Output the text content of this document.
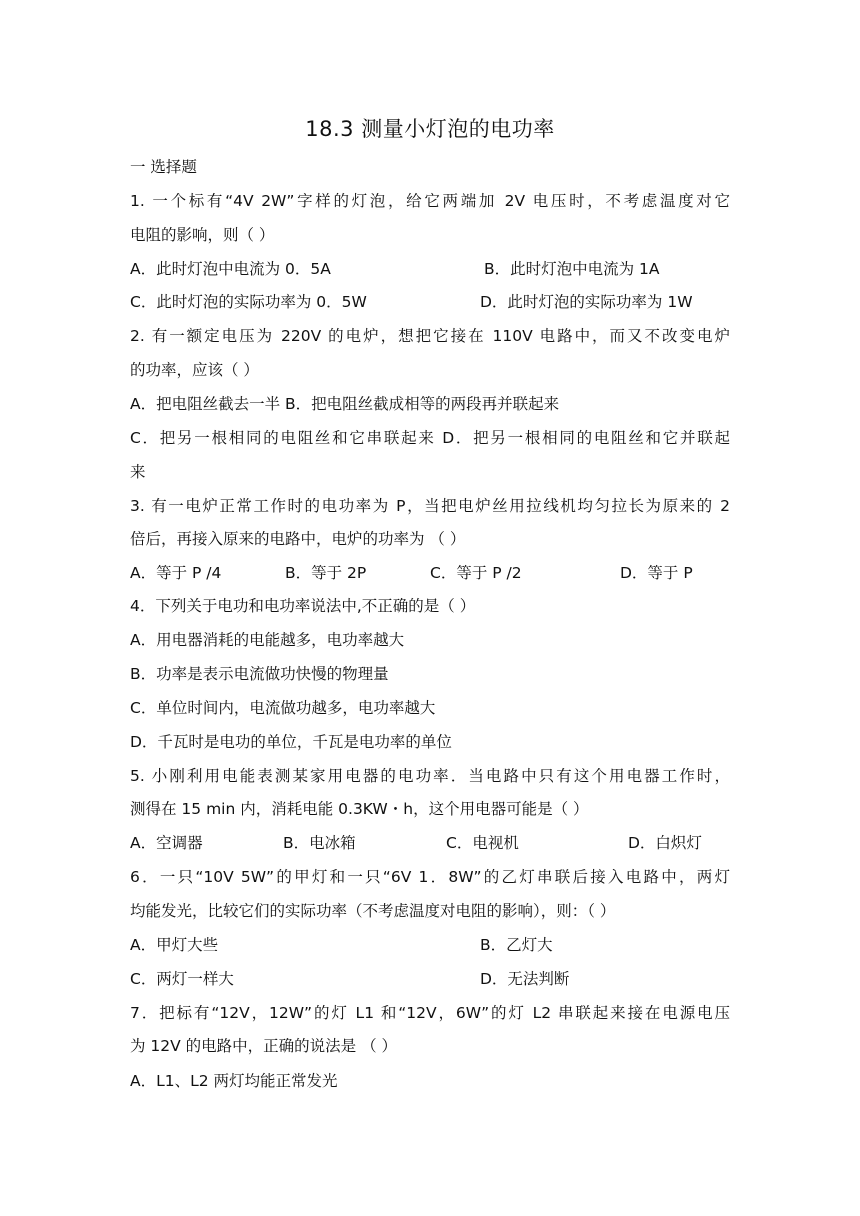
18.3 测量小灯泡的电功率
一 选择题
1. 一个标有“4V 2W”字样的灯泡，给它两端加 2V 电压时，不考虑温度对它
电阻的影响，则（ ）
A．此时灯泡中电流为 0．5A	B．此时灯泡中电流为 1A
C．此时灯泡的实际功率为 0．5W	D．此时灯泡的实际功率为 1W
2. 有一额定电压为 220V 的电炉，想把它接在 110V 电路中，而又不改变电炉
的功率，应该（ ）
A．把电阻丝截去一半 B．把电阻丝截成相等的两段再并联起来
C．把另一根相同的电阻丝和它串联起来 D．把另一根相同的电阻丝和它并联起
来
3. 有一电炉正常工作时的电功率为 P，当把电炉丝用拉线机均匀拉长为原来的 2
倍后，再接入原来的电路中，电炉的功率为 （ ）
A．等于 P /4	B．等于 2P	C．等于 P /2	D．等于 P
4．下列关于电功和电功率说法中,不正确的是（ ）
A．用电器消耗的电能越多，电功率越大
B．功率是表示电流做功快慢的物理量
C．单位时间内，电流做功越多，电功率越大
D．千瓦时是电功的单位，千瓦是电功率的单位
5. 小刚利用电能表测某家用电器的电功率．当电路中只有这个用电器工作时，
测得在 15 min 内，消耗电能 0.3KW・h，这个用电器可能是（ ）
A．空调器	B．电冰箱	C．电视机	D．白炽灯
6．一只“10V 5W”的甲灯和一只“6V 1．8W”的乙灯串联后接入电路中，两灯
均能发光，比较它们的实际功率（不考虑温度对电阻的影响），则：（ ）
A．甲灯大些	B．乙灯大
C．两灯一样大	D．无法判断
7．把标有“12V，12W”的灯 L1 和“12V，6W”的灯 L2 串联起来接在电源电压
为 12V 的电路中，正确的说法是 （ ）
A．L1、L2 两灯均能正常发光
